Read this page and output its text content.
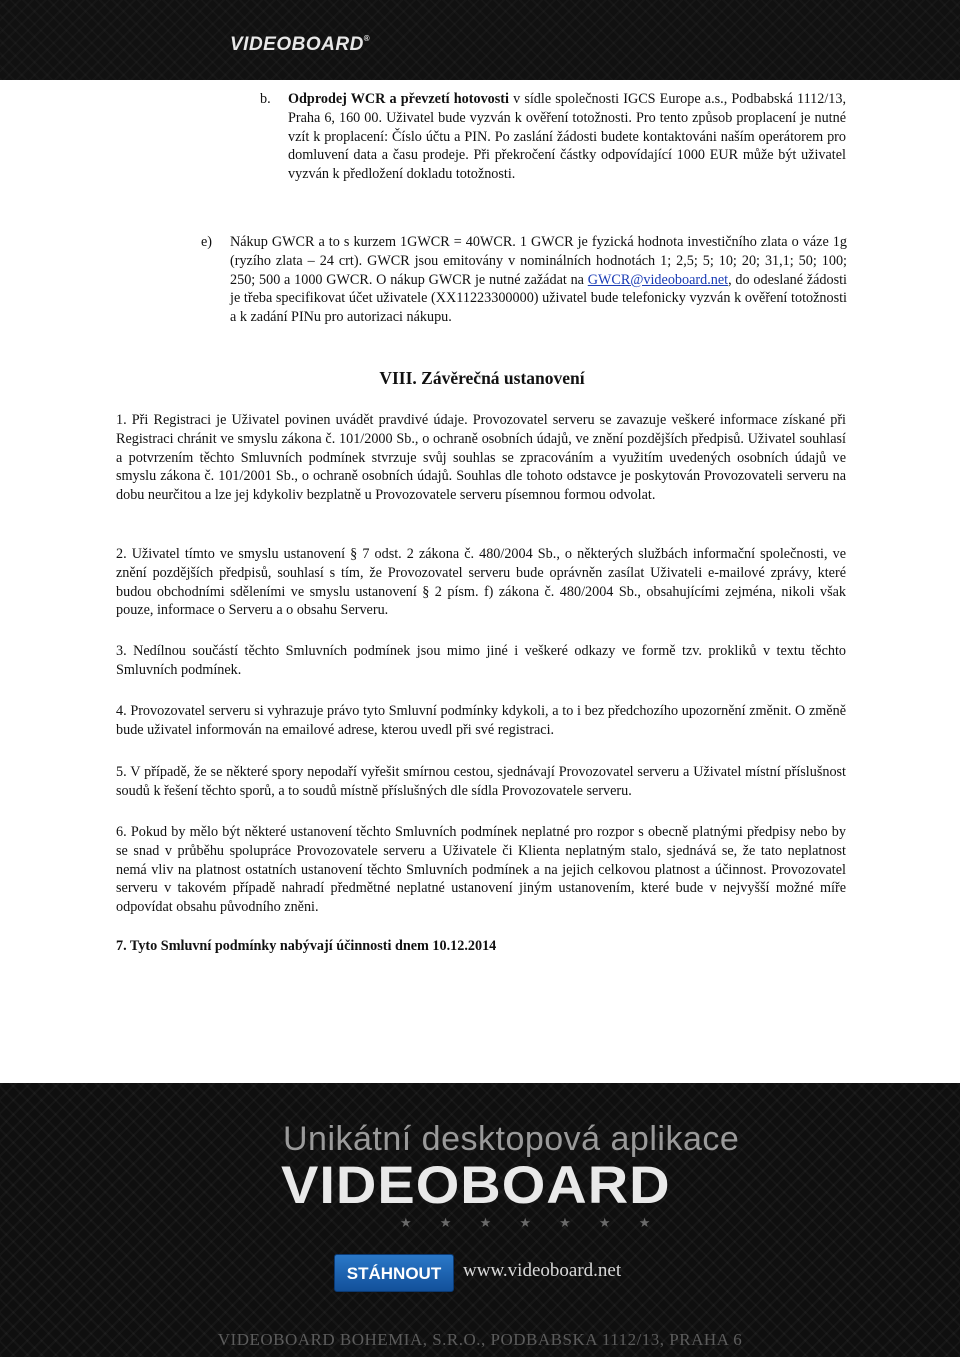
VIDEOBOARD®
b. Odprodej WCR a převzetí hotovosti v sídle společnosti IGCS Europe a.s., Podbabská 1112/13, Praha 6, 160 00. Uživatel bude vyzván k ověření totožnosti. Pro tento způsob proplacení je nutné vzít k proplacení: Číslo účtu a PIN. Po zaslání žádosti budete kontaktováni naším operátorem pro domluvení data a času prodeje. Při překročení částky odpovídající 1000 EUR může být uživatel vyzván k předložení dokladu totožnosti.
e) Nákup GWCR a to s kurzem 1GWCR = 40WCR. 1 GWCR je fyzická hodnota investičního zlata o váze 1g (ryzího zlata – 24 crt). GWCR jsou emitovány v nominálních hodnotách 1; 2,5; 5; 10; 20; 31,1; 50; 100; 250; 500 a 1000 GWCR. O nákup GWCR je nutné zažádat na GWCR@videoboard.net, do odeslané žádosti je třeba specifikovat účet uživatele (XX11223300000) uživatel bude telefonicky vyzván k ověření totožnosti a k zadání PINu pro autorizaci nákupu.
VIII. Závěrečná ustanovení

1. Při Registraci je Uživatel povinen uvádět pravdivé údaje. Provozovatel serveru se zavazuje veškeré informace získané při Registraci chránit ve smyslu zákona č. 101/2000 Sb., o ochraně osobních údajů, ve znění pozdějších předpisů. Uživatel souhlasí a potvrzením těchto Smluvních podmínek stvrzuje svůj souhlas se zpracováním a využitím uvedených osobních údajů ve smyslu zákona č. 101/2001 Sb., o ochraně osobních údajů. Souhlas dle tohoto odstavce je poskytován Provozovateli serveru na dobu neurčitou a lze jej kdykoliv bezplatně u Provozovatele serveru písemnou formou odvolat.

2. Uživatel tímto ve smyslu ustanovení § 7 odst. 2 zákona č. 480/2004 Sb., o některých službách informační společnosti, ve znění pozdějších předpisů, souhlasí s tím, že Provozovatel serveru bude oprávněn zasílat Uživateli e-mailové zprávy, které budou obchodními sděleními ve smyslu ustanovení § 2 písm. f) zákona č. 480/2004 Sb., obsahujícími zejména, nikoli však pouze, informace o Serveru a o obsahu Serveru.

3. Nedílnou součástí těchto Smluvních podmínek jsou mimo jiné i veškeré odkazy ve formě tzv. prokliků v textu těchto Smluvních podmínek.

4. Provozovatel serveru si vyhrazuje právo tyto Smluvní podmínky kdykoli, a to i bez předchozího upozornění změnit. O změně bude uživatel informován na emailové adrese, kterou uvedl při své registraci.

5. V případě, že se některé spory nepodaří vyřešit smírnou cestou, sjednávají Provozovatel serveru a Uživatel místní příslušnost soudů k řešení těchto sporů, a to soudů místně příslušných dle sídla Provozovatele serveru.

6. Pokud by mělo být některé ustanovení těchto Smluvních podmínek neplatné pro rozpor s obecně platnými předpisy nebo by se snad v průběhu spolupráce Provozovatele serveru a Uživatele či Klienta neplatným stalo, sjednává se, že tato neplatnost nemá vliv na platnost ostatních ustanovení těchto Smluvních podmínek a na jejich celkovou platnost a účinnost. Provozovatel serveru v takovém případě nahradí předmětné neplatné ustanovení jiným ustanovením, které bude v nejvyšší možné míře odpovídat obsahu původního zněni.

7. Tyto Smluvní podmínky nabývají účinnosti dnem 10.12.2014

Unikátní desktopová aplikace
VIDEOBOARD
★ ★ ★ ★ ★ ★ ★
STÁHNOUT	www.videoboard.net
VIDEOBOARD BOHEMIA, S.R.O., PODBABSKA 1112/13, PRAHA 6
